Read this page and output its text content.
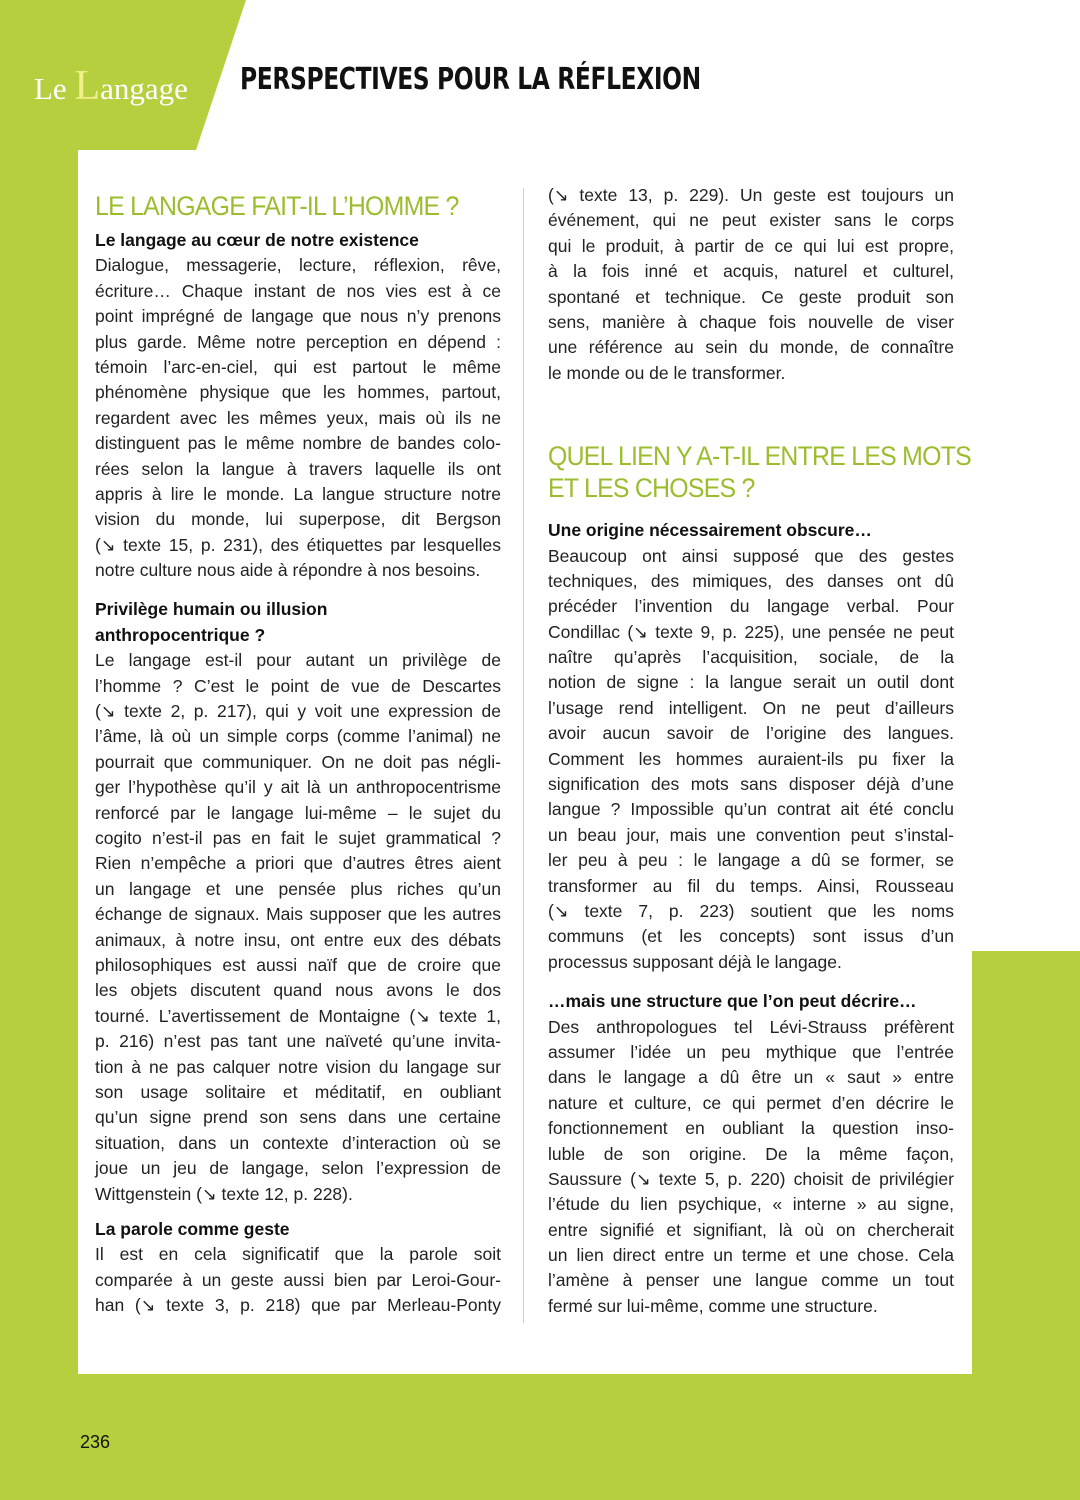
Le Langage PERSPECTIVES POUR LA RÉFLEXION
LE LANGAGE FAIT-IL L’HOMME ?
Le langage au cœur de notre existence
Dialogue, messagerie, lecture, réflexion, rêve,
écriture… Chaque instant de nos vies est à ce
point imprégné de langage que nous n’y prenons
plus garde. Même notre perception en dépend :
témoin l’arc-en-ciel, qui est partout le même
phénomène physique que les hommes, partout,
regardent avec les mêmes yeux, mais où ils ne
distinguent pas le même nombre de bandes colo-
rées selon la langue à travers laquelle ils ont
appris à lire le monde. La langue structure notre
vision du monde, lui superpose, dit Bergson
(↘ texte 15, p. 231), des étiquettes par lesquelles
notre culture nous aide à répondre à nos besoins.
Privilège humain ou illusion
anthropocentrique ?
Le langage est-il pour autant un privilège de
l’homme ? C’est le point de vue de Descartes
(↘ texte 2, p. 217), qui y voit une expression de
l’âme, là où un simple corps (comme l’animal) ne
pourrait que communiquer. On ne doit pas négli-
ger l’hypothèse qu’il y ait là un anthropocentrisme
renforcé par le langage lui-même – le sujet du
cogito n’est-il pas en fait le sujet grammatical ?
Rien n’empêche a priori que d’autres êtres aient
un langage et une pensée plus riches qu’un
échange de signaux. Mais supposer que les autres
animaux, à notre insu, ont entre eux des débats
philosophiques est aussi naïf que de croire que
les objets discutent quand nous avons le dos
tourné. L’avertissement de Montaigne (↘ texte 1,
p. 216) n’est pas tant une naïveté qu’une invita-
tion à ne pas calquer notre vision du langage sur
son usage solitaire et méditatif, en oubliant
qu’un signe prend son sens dans une certaine
situation, dans un contexte d’interaction où se
joue un jeu de langage, selon l’expression de
Wittgenstein (↘ texte 12, p. 228).
La parole comme geste
Il est en cela significatif que la parole soit
comparée à un geste aussi bien par Leroi-Gour-
han (↘ texte 3, p. 218) que par Merleau-Ponty
(↘ texte 13, p. 229). Un geste est toujours un
événement, qui ne peut exister sans le corps
qui le produit, à partir de ce qui lui est propre,
à la fois inné et acquis, naturel et culturel,
spontané et technique. Ce geste produit son
sens, manière à chaque fois nouvelle de viser
une référence au sein du monde, de connaître
le monde ou de le transformer.
QUEL LIEN Y A-T-IL ENTRE LES MOTS
ET LES CHOSES ?
Une origine nécessairement obscure…
Beaucoup ont ainsi supposé que des gestes
techniques, des mimiques, des danses ont dû
précéder l’invention du langage verbal. Pour
Condillac (↘ texte 9, p. 225), une pensée ne peut
naître qu’après l’acquisition, sociale, de la
notion de signe : la langue serait un outil dont
l’usage rend intelligent. On ne peut d’ailleurs
avoir aucun savoir de l’origine des langues.
Comment les hommes auraient-ils pu fixer la
signification des mots sans disposer déjà d’une
langue ? Impossible qu’un contrat ait été conclu
un beau jour, mais une convention peut s’instal-
ler peu à peu : le langage a dû se former, se
transformer au fil du temps. Ainsi, Rousseau
(↘ texte 7, p. 223) soutient que les noms
communs (et les concepts) sont issus d’un
processus supposant déjà le langage.
…mais une structure que l’on peut décrire…
Des anthropologues tel Lévi-Strauss préfèrent
assumer l’idée un peu mythique que l’entrée
dans le langage a dû être un « saut » entre
nature et culture, ce qui permet d’en décrire le
fonctionnement en oubliant la question inso-
luble de son origine. De la même façon,
Saussure (↘ texte 5, p. 220) choisit de privilégier
l’étude du lien psychique, « interne » au signe,
entre signifié et signifiant, là où on chercherait
un lien direct entre un terme et une chose. Cela
l’amène à penser une langue comme un tout
fermé sur lui-même, comme une structure.
236
